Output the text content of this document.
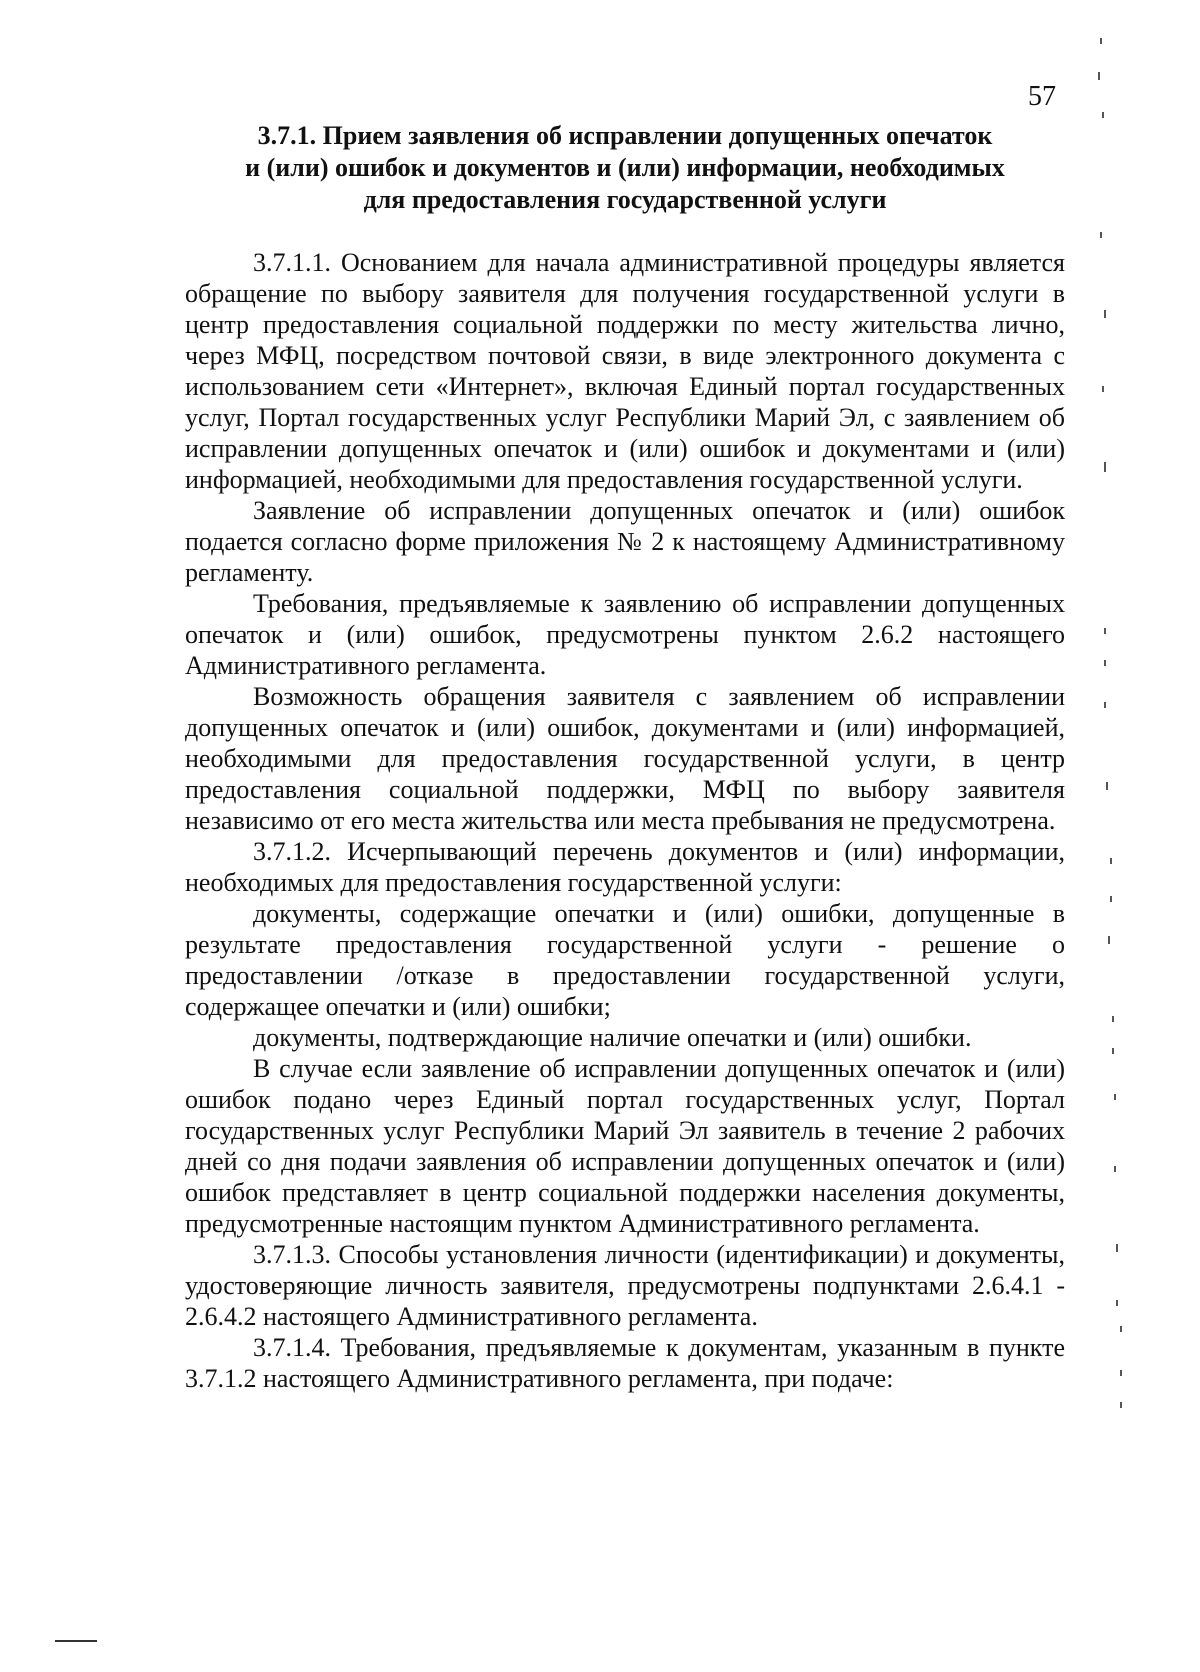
57
3.7.1. Прием заявления об исправлении допущенных опечаток
и (или) ошибок и документов и (или) информации, необходимых
для предоставления государственной услуги

3.7.1.1. Основанием для начала административной процедуры является обращение по выбору заявителя для получения государственной услуги в центр предоставления социальной поддержки по месту жительства лично, через МФЦ, посредством почтовой связи, в виде электронного документа с использованием сети «Интернет», включая Единый портал государственных услуг, Портал государственных услуг Республики Марий Эл, с заявлением об исправлении допущенных опечаток и (или) ошибок и документами и (или) информацией, необходимыми для предоставления государственной услуги.

Заявление об исправлении допущенных опечаток и (или) ошибок подается согласно форме приложения № 2 к настоящему Административному регламенту.

Требования, предъявляемые к заявлению об исправлении допущенных опечаток и (или) ошибок, предусмотрены пунктом 2.6.2 настоящего Административного регламента.

Возможность обращения заявителя с заявлением об исправлении допущенных опечаток и (или) ошибок, документами и (или) информацией, необходимыми для предоставления государственной услуги, в центр предоставления социальной поддержки, МФЦ по выбору заявителя независимо от его места жительства или места пребывания не предусмотрена.

3.7.1.2. Исчерпывающий перечень документов и (или) информации, необходимых для предоставления государственной услуги:

документы, содержащие опечатки и (или) ошибки, допущенные в результате предоставления государственной услуги - решение о предоставлении /отказе в предоставлении государственной услуги, содержащее опечатки и (или) ошибки;

документы, подтверждающие наличие опечатки и (или) ошибки.

В случае если заявление об исправлении допущенных опечаток и (или) ошибок подано через Единый портал государственных услуг, Портал государственных услуг Республики Марий Эл заявитель в течение 2 рабочих дней со дня подачи заявления об исправлении допущенных опечаток и (или) ошибок представляет в центр социальной поддержки населения документы, предусмотренные настоящим пунктом Административного регламента.

3.7.1.3. Способы установления личности (идентификации) и документы, удостоверяющие личность заявителя, предусмотрены подпунктами 2.6.4.1 - 2.6.4.2 настоящего Административного регламента.

3.7.1.4. Требования, предъявляемые к документам, указанным в пункте 3.7.1.2 настоящего Административного регламента, при подаче:
